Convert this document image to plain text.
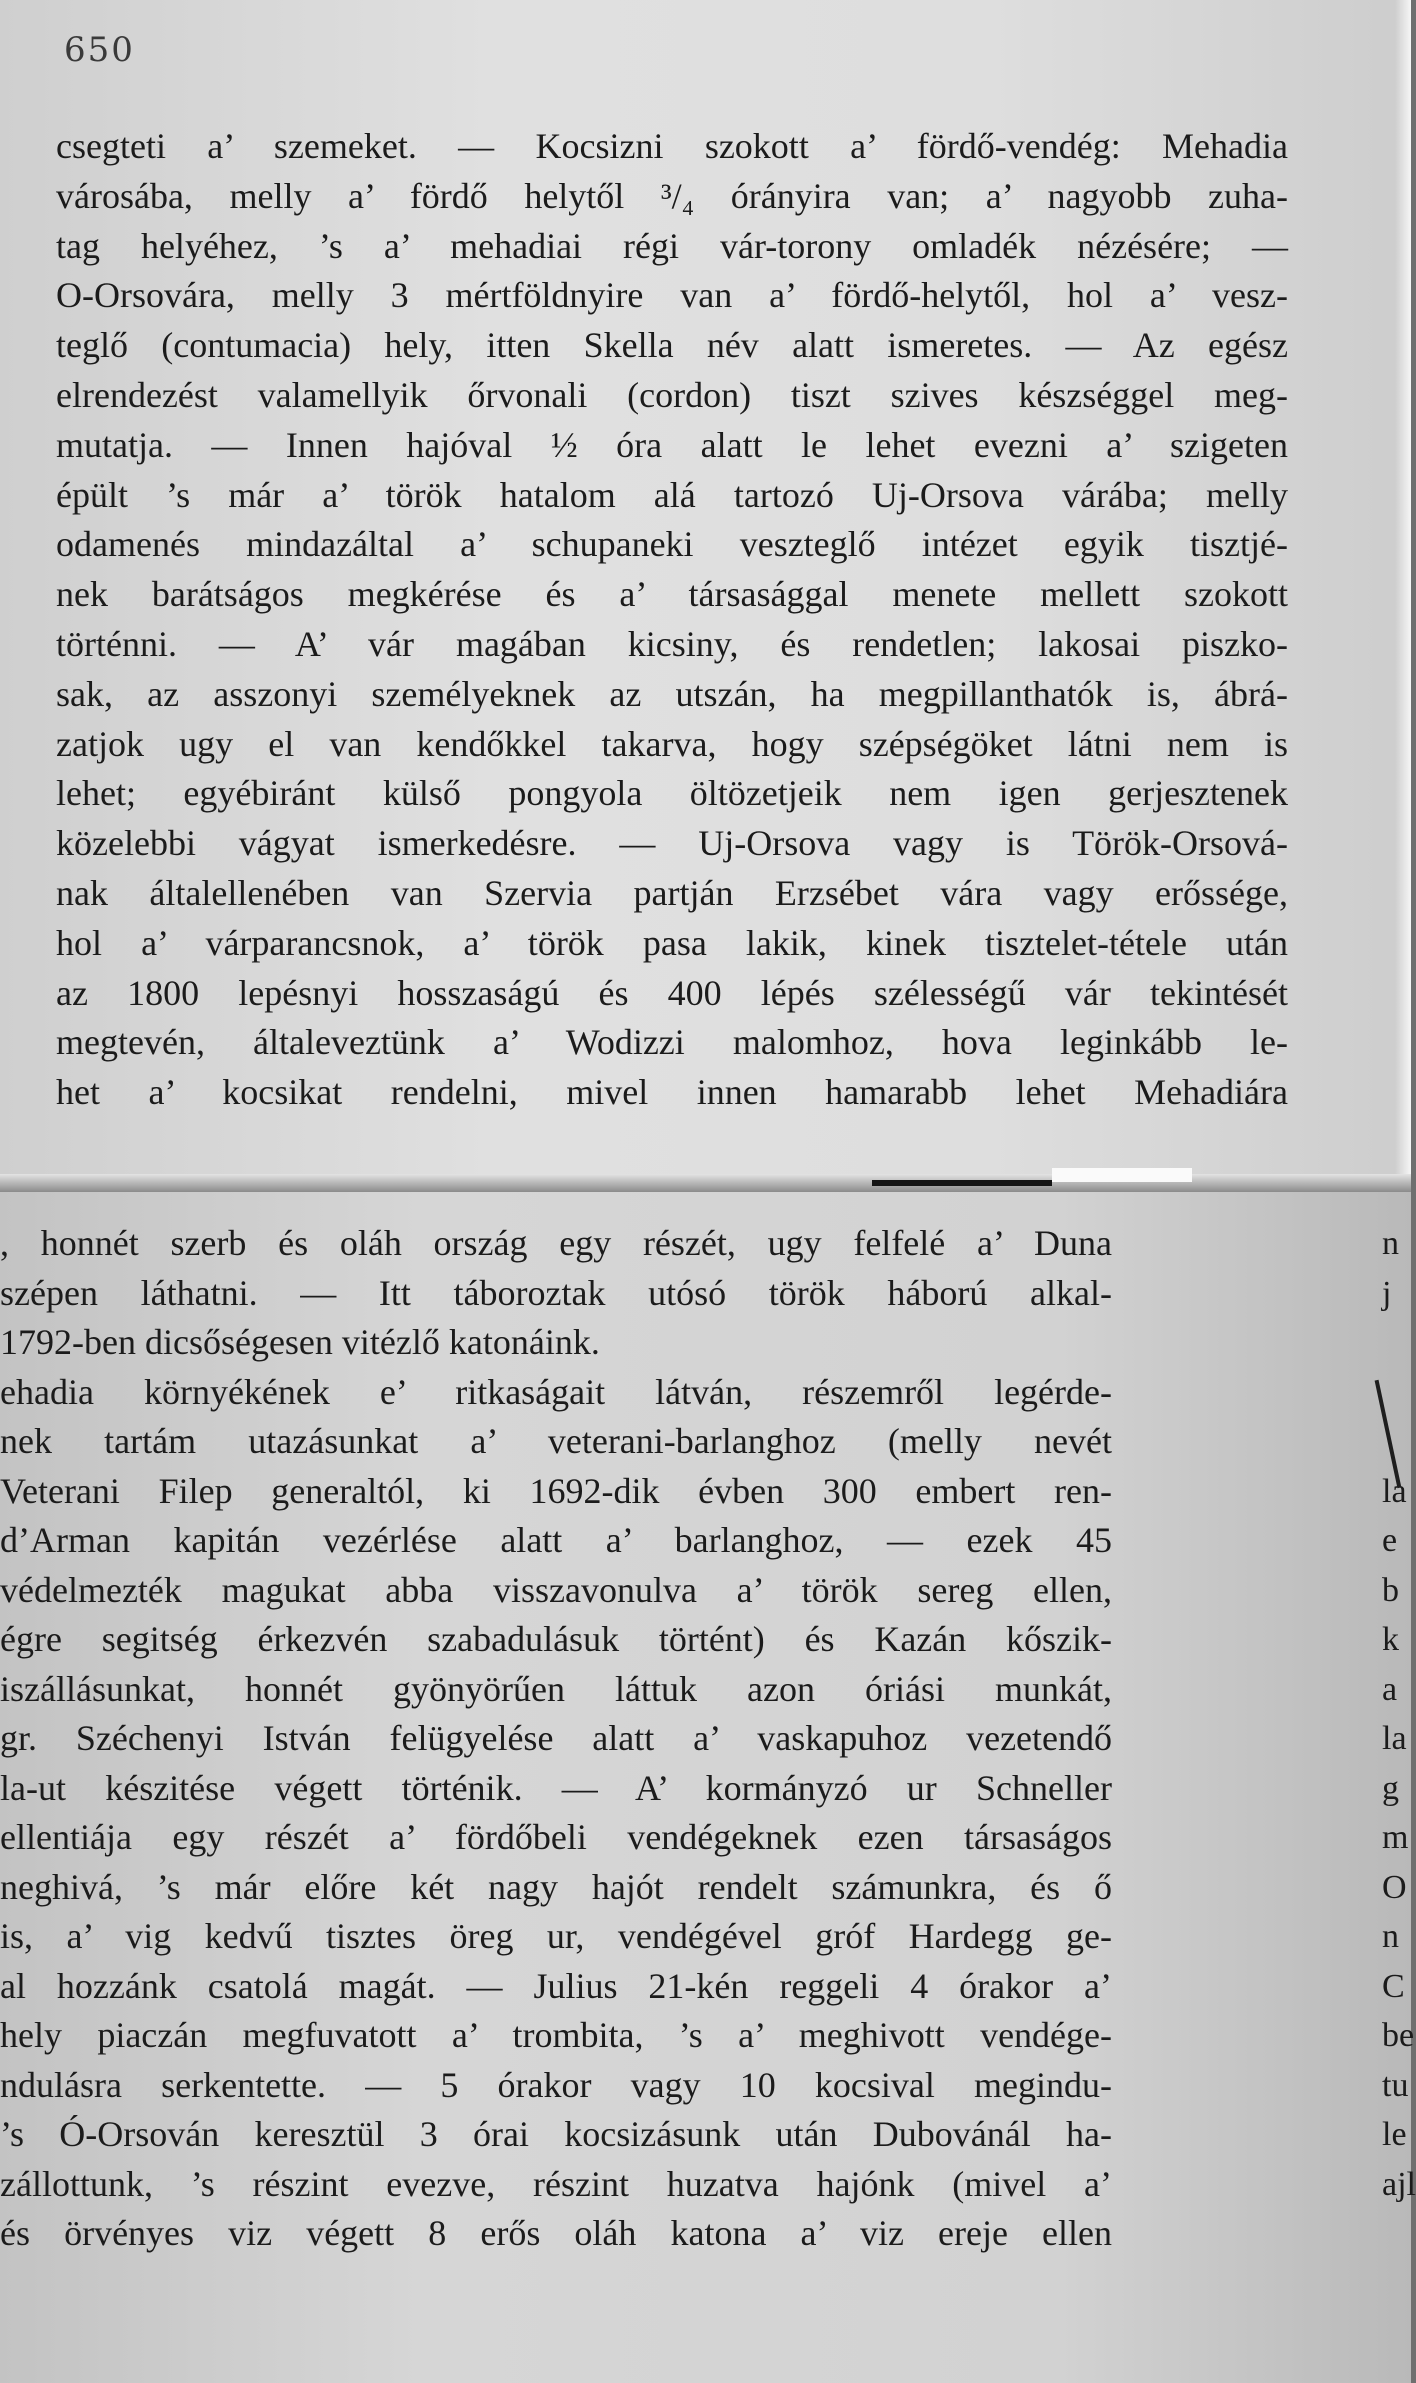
650
csegteti a’ szemeket. — Kocsizni szokott a’ fördő-vendég: Mehadia
városába, melly a’ fördő helytől ³/₄ órányira van; a’ nagyobb zuha-
tag helyéhez, ’s a’ mehadiai régi vár-torony omladék nézésére; —
O-Orsovára, melly 3 mértföldnyire van a’ fördő-helytől, hol a’ vesz-
teglő (contumacia) hely, itten Skella név alatt ismeretes. — Az egész
elrendezést valamellyik őrvonali (cordon) tiszt szives készséggel meg-
mutatja. — Innen hajóval ½ óra alatt le lehet evezni a’ szigeten
épült ’s már a’ török hatalom alá tartozó Uj-Orsova várába; melly
odamenés mindazáltal a’ schupaneki veszteglő intézet egyik tisztjé-
nek barátságos megkérése és a’ társasággal menete mellett szokott
történni. — A’ vár magában kicsiny, és rendetlen; lakosai piszko-
sak, az asszonyi személyeknek az utszán, ha megpillanthatók is, ábrá-
zatjok ugy el van kendőkkel takarva, hogy szépségöket látni nem is
lehet; egyébiránt külső pongyola öltözetjeik nem igen gerjesztenek
közelebbi vágyat ismerkedésre. — Uj-Orsova vagy is Török-Orsová-
nak általellenében van Szervia partján Erzsébet vára vagy erőssége,
hol a’ várparancsnok, a’ török pasa lakik, kinek tisztelet-tétele után
az 1800 lepésnyi hosszaságú és 400 lépés szélességű vár tekintését
megtevén, általeveztünk a’ Wodizzi malomhoz, hova leginkább le-
het a’ kocsikat rendelni, mivel innen hamarabb lehet Mehadiára
, honnét szerb és oláh ország egy részét, ugy felfelé a’ Duna
szépen láthatni. — Itt táboroztak utósó török háború alkal-
1792-ben dicsőségesen vitézlő katonáink.
ehadia környékének e’ ritkaságait látván, részemről legérde-
nek tartám utazásunkat a’ veterani-barlanghoz (melly nevét
Veterani Filep generaltól, ki 1692-dik évben 300 embert ren-
d’Arman kapitán vezérlése alatt a’ barlanghoz, — ezek 45
védelmezték magukat abba visszavonulva a’ török sereg ellen,
égre segitség érkezvén szabadulásuk történt) és Kazán kőszik-
iszállásunkat, honnét gyönyörűen láttuk azon óriási munkát,
gr. Széchenyi István felügyelése alatt a’ vaskapuhoz vezetendő
la-ut készitése végett történik. — A’ kormányzó ur Schneller
ellentiája egy részét a’ fördőbeli vendégeknek ezen társaságos
neghivá, ’s már előre két nagy hajót rendelt számunkra, és ő
is, a’ vig kedvű tisztes öreg ur, vendégével gróf Hardegg ge-
al hozzánk csatolá magát. — Julius 21-kén reggeli 4 órakor a’
hely piaczán megfuvatott a’ trombita, ’s a’ meghivott vendége-
ndulásra serkentette. — 5 órakor vagy 10 kocsival megindu-
’s Ó-Orsován keresztül 3 órai kocsizásunk után Dubovánál ha-
zállottunk, ’s részint evezve, részint huzatva hajónk (mivel a’
és örvényes viz végett 8 erős oláh katona a’ viz ereje ellen
n
j
la
e
b
k
a
la
g
m
O
n
C
be
tu
le
ajl
